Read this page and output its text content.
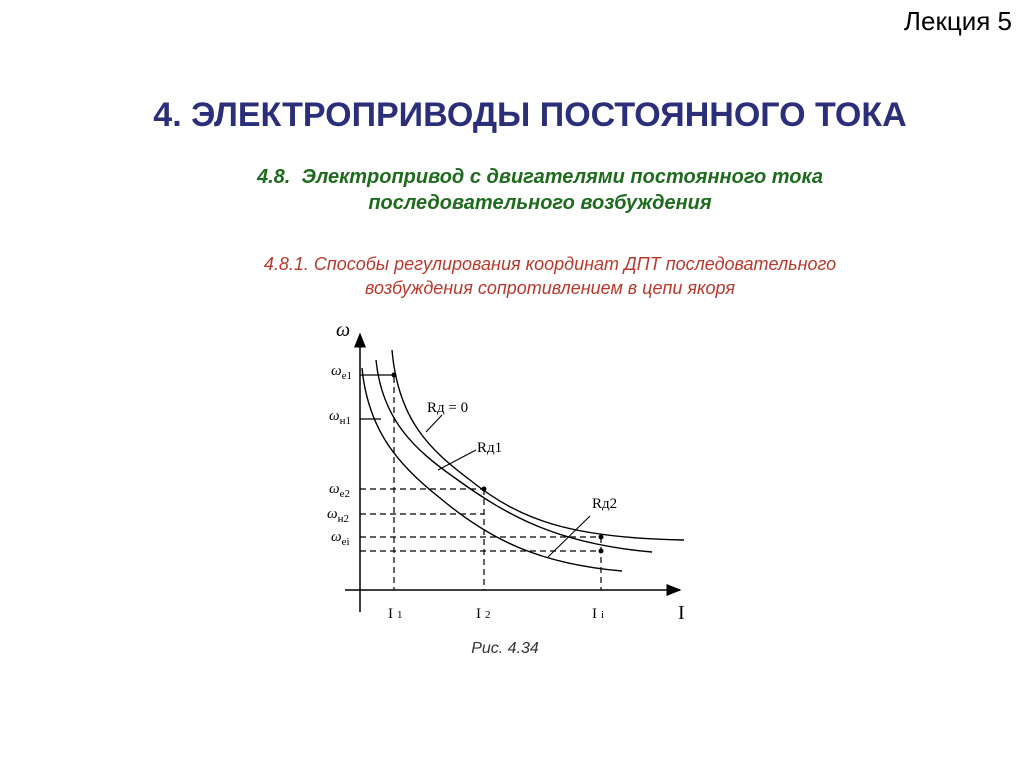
Лекция 5
4. ЭЛЕКТРОПРИВОДЫ ПОСТОЯННОГО ТОКА
4.8. Электропривод с двигателями постоянного тока
последовательного возбуждения
4.8.1. Способы регулирования координат ДПТ последовательного
возбуждения сопротивлением в цепи якоря
ω
I
Rд = 0
Rд1
Rд2
$\omega_{e1}$
$\omega_{н1}$
$\omega_{e2}$
$\omega_{н2}$
$\omega_{ei}$
I 1	I 2	I i
Рис. 4.34
